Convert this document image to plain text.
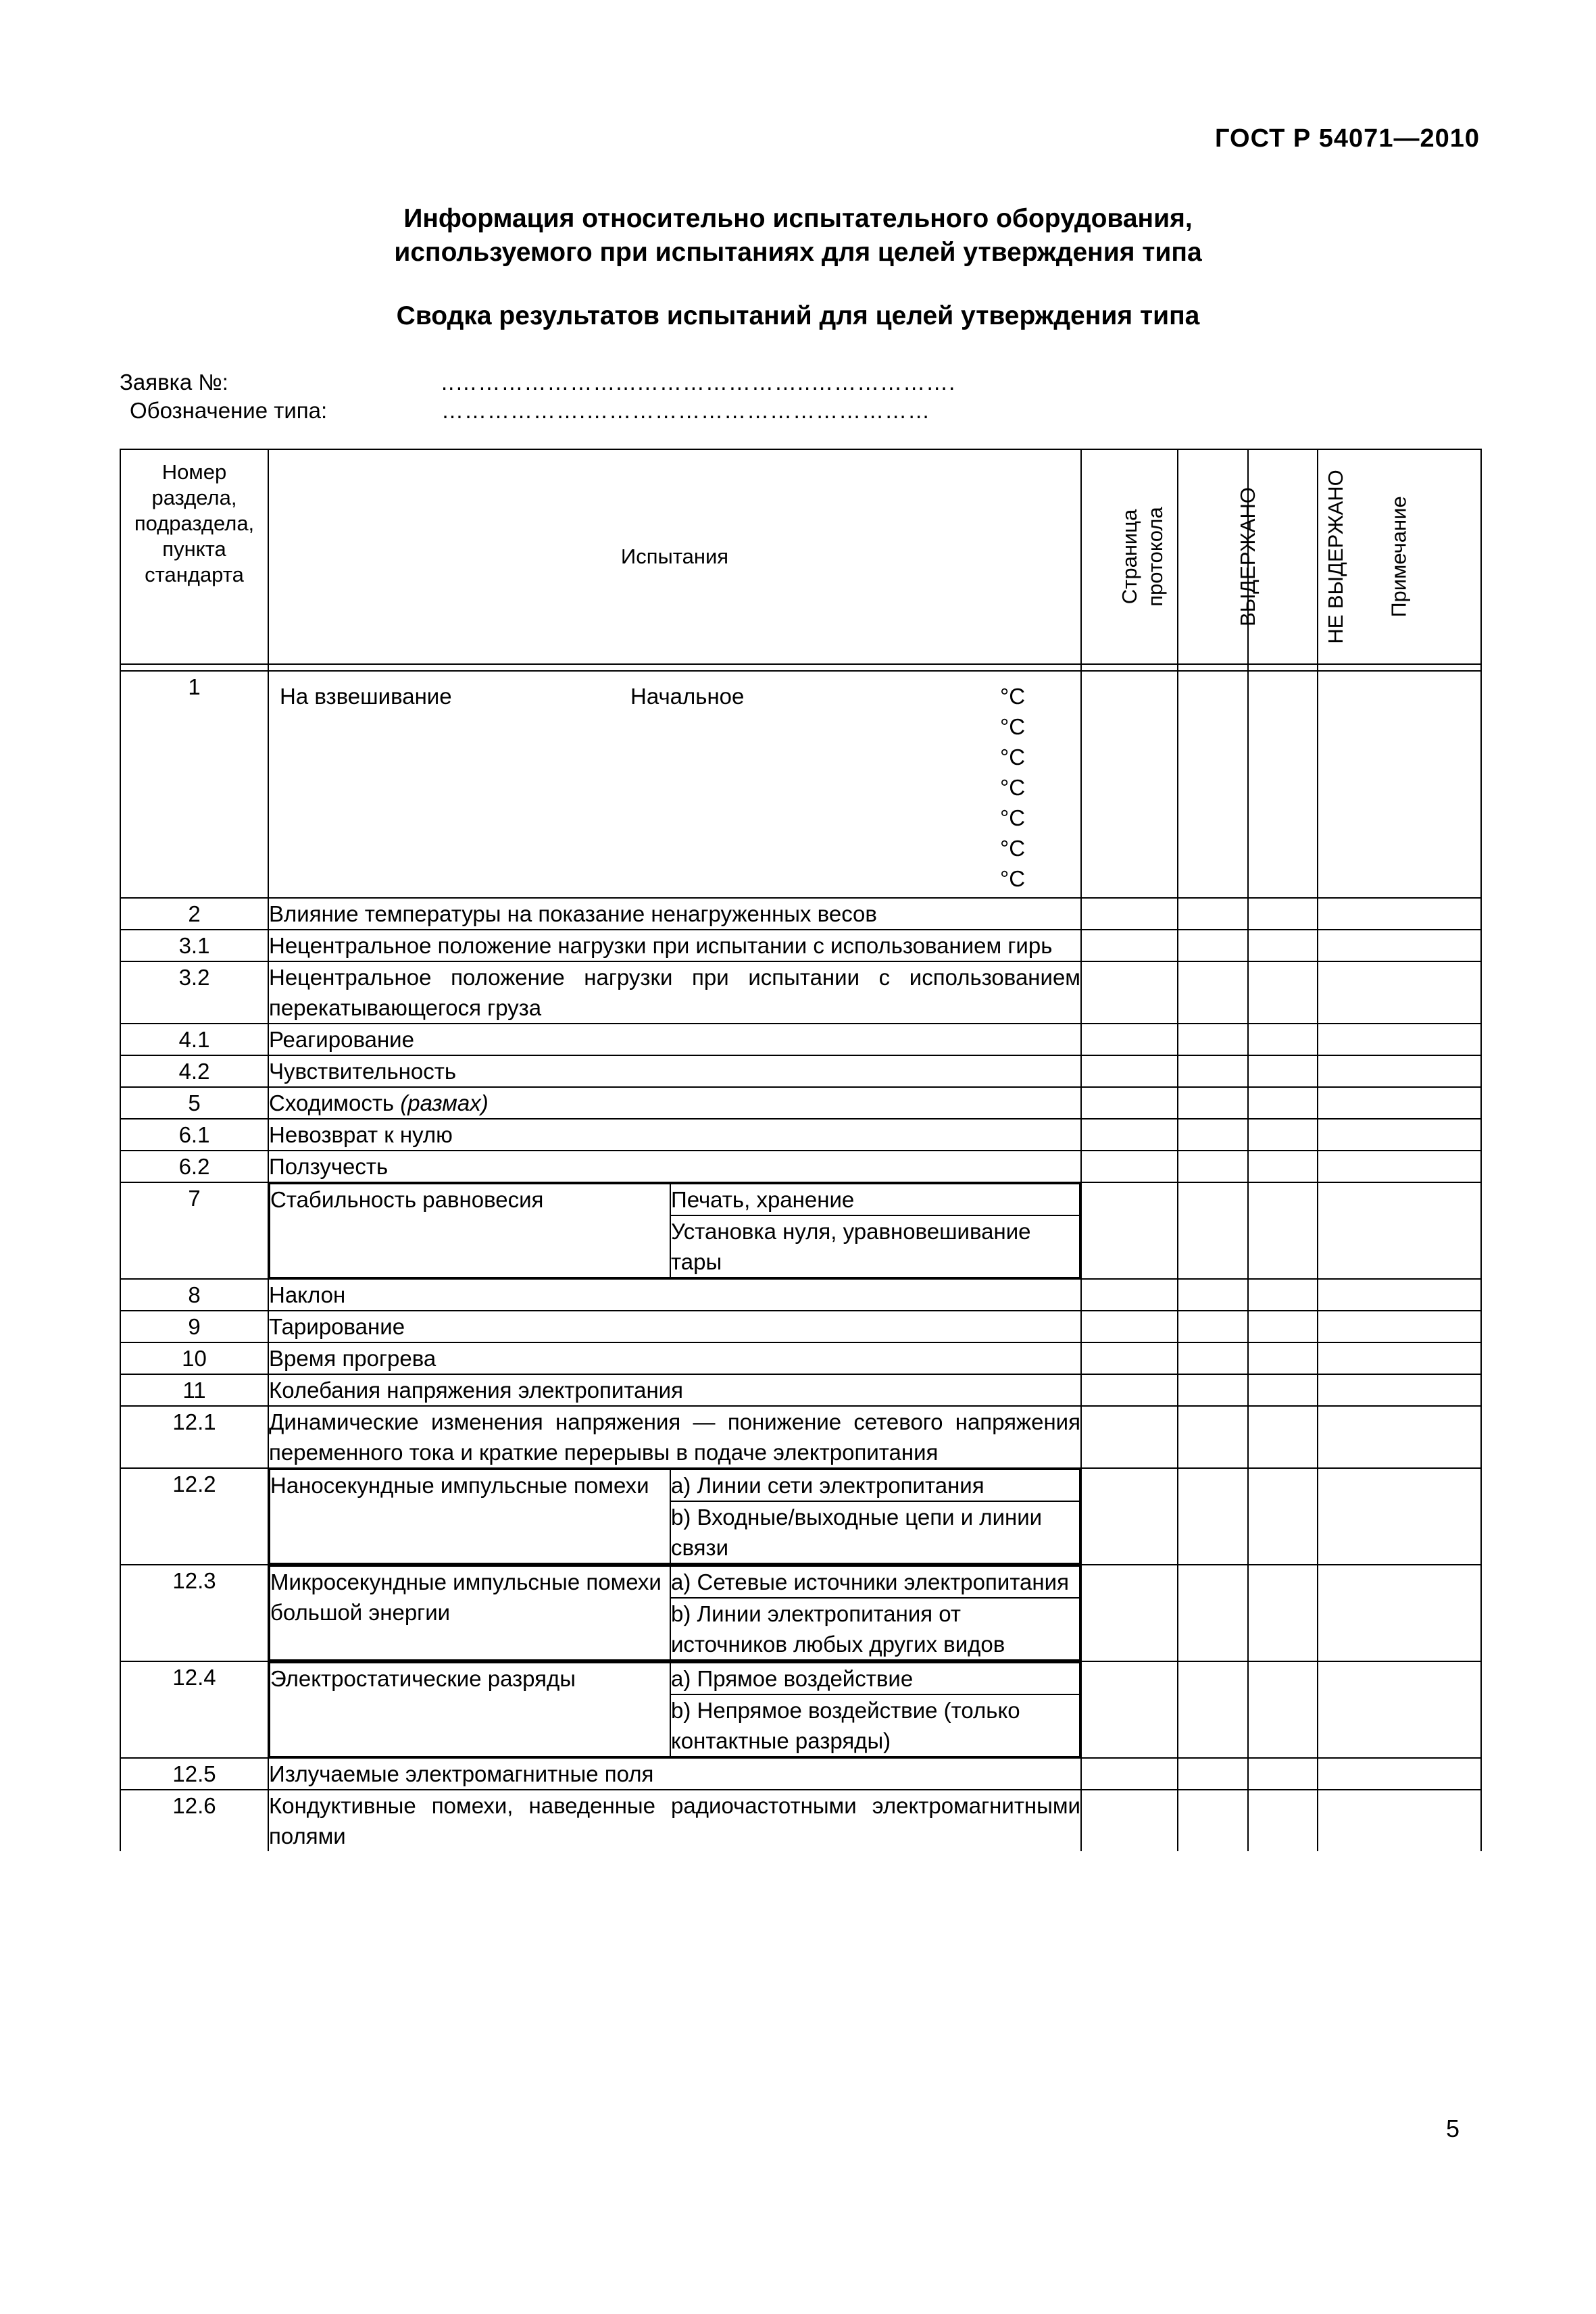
ГОСТ Р 54071—2010
Информация относительно испытательного оборудования,
используемого при испытаниях для целей утверждения типа
Сводка результатов испытаний для целей утверждения типа
Заявка №:	..…………………...…………………..……………….
Обозначение типа:	……………….………………………………………
Номер раздела, подраздела, пункта стандарта	Испытания	Страница протокола	ВЫДЕРЖАНО	НЕ ВЫДЕРЖАНО	Примечание

1	На взвешивание	Начальное	°C
°C
°C
°C
°C
°C
°C

2	Влияние температуры на показание ненагруженных весов				
3.1	Нецентральное положение нагрузки при испытании с использованием гирь				
3.2	Нецентральное положение нагрузки при испытании с использованием перекатывающегося груза				
4.1	Реагирование				
4.2	Чувствительность				
5	Сходимость (размах)				
6.1	Невозврат к нулю				
6.2	Ползучесть				
7		Стабильность равновесия	Печать, хранение
Установка нуля, уравновешивание тары

8	Наклон				
9	Тарирование				
10	Время прогрева				
11	Колебания напряжения электропитания				
12.1	Динамические изменения напряжения — понижение сетевого напряжения переменного тока и краткие перерывы в подаче электропитания				
12.2	Наносекундные импульсные помехи	a) Линии сети электропитания
b) Входные/выходные цепи и линии связи

12.3	Микросекундные импульсные помехи большой энергии	a) Сетевые источники электропитания
b) Линии электропитания от источников любых других видов

12.4	Электростатические разряды	a) Прямое воздействие
b) Непрямое воздействие (только контактные разряды)

12.5	Излучаемые электромагнитные поля				
12.6	Кондуктивные помехи, наведенные радиочастотными электромагнитными полями				
5
